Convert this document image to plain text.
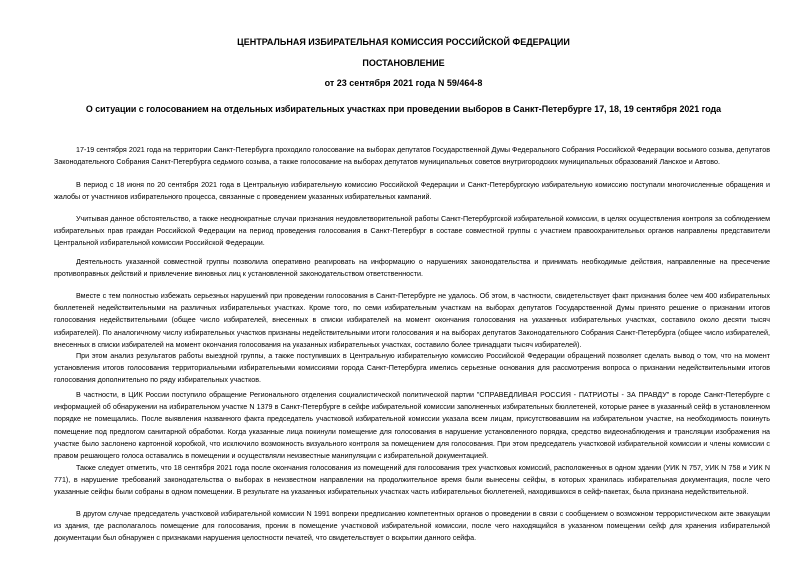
ЦЕНТРАЛЬНАЯ ИЗБИРАТЕЛЬНАЯ КОМИССИЯ РОССИЙСКОЙ ФЕДЕРАЦИИ
ПОСТАНОВЛЕНИЕ
от 23 сентября 2021 года N 59/464-8
О ситуации с голосованием на отдельных избирательных участках при проведении выборов в Санкт-Петербурге 17, 18, 19 сентября 2021 года

17-19 сентября 2021 года на территории Санкт-Петербурга проходило голосование на выборах депутатов Государственной Думы Федерального Собрания Российской Федерации восьмого созыва, депутатов Законодательного Собрания Санкт-Петербурга седьмого созыва, а также голосование на выборах депутатов муниципальных советов внутригородских муниципальных образований Ланское и Автово.

В период с 18 июня по 20 сентября 2021 года в Центральную избирательную комиссию Российской Федерации и Санкт-Петербургскую избирательную комиссию поступали многочисленные обращения и жалобы от участников избирательного процесса, связанные с проведением указанных избирательных кампаний.

Учитывая данное обстоятельство, а также неоднократные случаи признания неудовлетворительной работы Санкт-Петербургской избирательной комиссии, в целях осуществления контроля за соблюдением избирательных прав граждан Российской Федерации на период проведения голосования в Санкт-Петербург в составе совместной группы с участием правоохранительных органов направлены представители Центральной избирательной комиссии Российской Федерации.

Деятельность указанной совместной группы позволила оперативно реагировать на информацию о нарушениях законодательства и принимать необходимые действия, направленные на пресечение противоправных действий и привлечение виновных лиц к установленной законодательством ответственности.

Вместе с тем полностью избежать серьезных нарушений при проведении голосования в Санкт-Петербурге не удалось. Об этом, в частности, свидетельствует факт признания более чем 400 избирательных бюллетеней недействительными на различных избирательных участках. Кроме того, по семи избирательным участкам на выборах депутатов Государственной Думы принято решение о признании итогов голосования недействительными (общее число избирателей, внесенных в списки избирателей на момент окончания голосования на указанных избирательных участках, составило около десяти тысяч избирателей). По аналогичному числу избирательных участков признаны недействительными итоги голосования и на выборах депутатов Законодательного Собрания Санкт-Петербурга (общее число избирателей, внесенных в списки избирателей на момент окончания голосования на указанных избирательных участках, составило более тринадцати тысяч избирателей).

При этом анализ результатов работы выездной группы, а также поступивших в Центральную избирательную комиссию Российской Федерации обращений позволяет сделать вывод о том, что на момент установления итогов голосования территориальными избирательными комиссиями города Санкт-Петербурга имелись серьезные основания для рассмотрения вопроса о признании недействительными итогов голосования дополнительно по ряду избирательных участков.

В частности, в ЦИК России поступило обращение Регионального отделения социалистической политической партии "СПРАВЕДЛИВАЯ РОССИЯ - ПАТРИОТЫ - ЗА ПРАВДУ" в городе Санкт-Петербурге с информацией об обнаружении на избирательном участке N 1379 в Санкт-Петербурге в сейфе избирательной комиссии заполненных избирательных бюллетеней, которые ранее в указанный сейф в установленном порядке не помещались. После выявления названного факта председатель участковой избирательной комиссии указала всем лицам, присутствовавшим на избирательном участке, на необходимость покинуть помещение под предлогом санитарной обработки. Когда указанные лица покинули помещение для голосования в нарушение установленного порядка, средство видеонаблюдения и трансляции изображения на участке было заслонено картонной коробкой, что исключило возможность визуального контроля за помещением для голосования. При этом председатель участковой избирательной комиссии и члены комиссии с правом решающего голоса оставались в помещении и осуществляли неизвестные манипуляции с избирательной документацией.

Также следует отметить, что 18 сентября 2021 года после окончания голосования из помещений для голосования трех участковых комиссий, расположенных в одном здании (УИК N 757, УИК N 758 и УИК N 771), в нарушение требований законодательства о выборах в неизвестном направлении на продолжительное время были вынесены сейфы, в которых хранилась избирательная документация, после чего указанные сейфы были собраны в одном помещении. В результате на указанных избирательных участках часть избирательных бюллетеней, находившихся в сейф-пакетах, была признана недействительной.

В другом случае председатель участковой избирательной комиссии N 1991 вопреки предписанию компетентных органов о проведении в связи с сообщением о возможном террористическом акте эвакуации из здания, где располагалось помещение для голосования, проник в помещение участковой избирательной комиссии, после чего находящийся в указанном помещении сейф для хранения избирательной документации был обнаружен с признаками нарушения целостности печатей, что свидетельствует о вскрытии данного сейфа.
